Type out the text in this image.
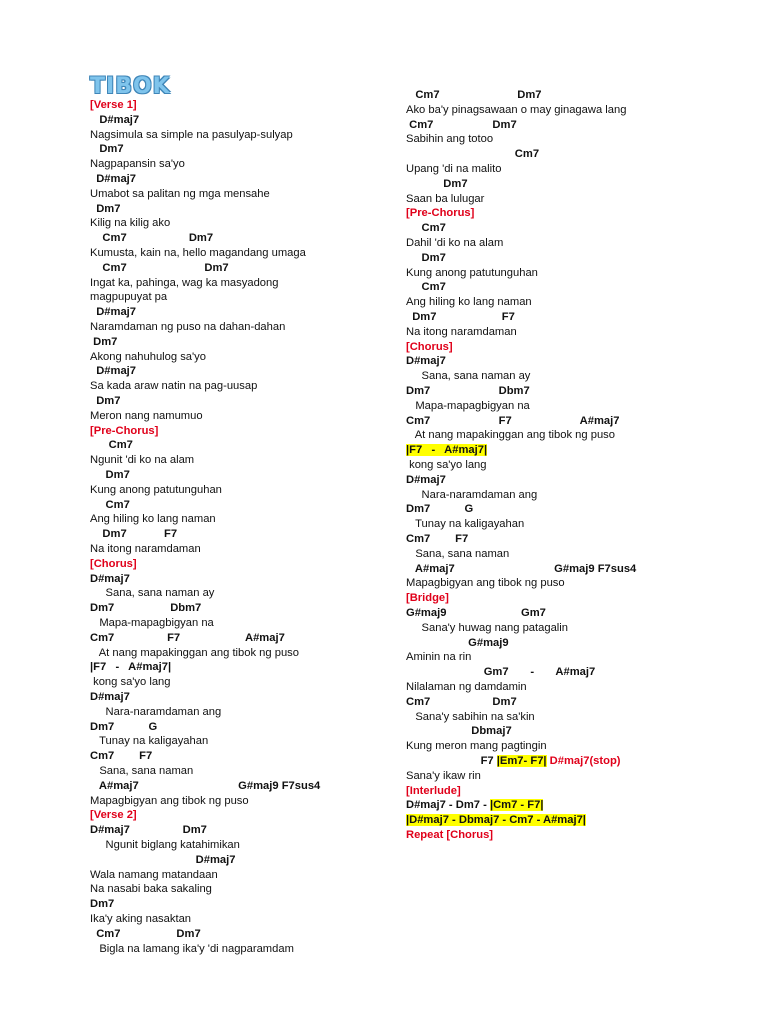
TIBOK
[Verse 1]
D#maj7
Nagsimula sa simple na pasulyap-sulyap
Dm7
Nagpapansin sa'yo
D#maj7
Umabot sa palitan ng mga mensahe
Dm7
Kilig na kilig ako
Cm7                    Dm7
Kumusta, kain na, hello magandang umaga
Cm7                         Dm7
Ingat ka, pahinga, wag ka masyadong
magpupuyat pa
D#maj7
Naramdaman ng puso na dahan-dahan
Dm7
Akong nahuhulog sa'yo
D#maj7
Sa kada araw natin na pag-uusap
Dm7
Meron nang namumuo
[Pre-Chorus]
Cm7
Ngunit 'di ko na alam
Dm7
Kung anong patutunguhan
Cm7
Ang hiling ko lang naman
Dm7            F7
Na itong naramdaman
[Chorus]
D#maj7
Sana, sana naman ay
Dm7                  Dbm7
Mapa-mapagbigyan na
Cm7                 F7                     A#maj7
At nang mapakinggan ang tibok ng puso
|F7   -   A#maj7|
kong sa'yo lang
D#maj7
Nara-naramdaman ang
Dm7           G
Tunay na kaligayahan
Cm7        F7
Sana, sana naman
A#maj7                                G#maj9 F7sus4
Mapagbigyan ang tibok ng puso
[Verse 2]
D#maj7                 Dm7
Ngunit biglang katahimikan
D#maj7
Wala namang matandaan
Na nasabi baka sakaling
Dm7
Ika'y aking nasaktan
Cm7                  Dm7
Bigla na lamang ika'y 'di nagparamdam
Cm7                         Dm7
Ako ba'y pinagsawaan o may ginagawa lang
Cm7                   Dm7
Sabihin ang totoo
Cm7
Upang 'di na malito
Dm7
Saan ba lulugar
[Pre-Chorus]
Cm7
Dahil 'di ko na alam
Dm7
Kung anong patutunguhan
Cm7
Ang hiling ko lang naman
Dm7                     F7
Na itong naramdaman
[Chorus]
D#maj7
Sana, sana naman ay
Dm7                      Dbm7
Mapa-mapagbigyan na
Cm7                      F7                      A#maj7
At nang mapakinggan ang tibok ng puso
|F7   -   A#maj7|
kong sa'yo lang
D#maj7
Nara-naramdaman ang
Dm7           G
Tunay na kaligayahan
Cm7        F7
Sana, sana naman
A#maj7                                G#maj9 F7sus4
Mapagbigyan ang tibok ng puso
[Bridge]
G#maj9                        Gm7
Sana'y huwag nang patagalin
G#maj9
Aminin na rin
Gm7       -       A#maj7
Nilalaman ng damdamin
Cm7                    Dm7
Sana'y sabihin na sa'kin
Dbmaj7
Kung meron mang pagtingin
F7 |Em7- F7| D#maj7(stop)
Sana'y ikaw rin
[Interlude]
D#maj7 - Dm7 - |Cm7 - F7|
|D#maj7 - Dbmaj7 - Cm7 - A#maj7|
Repeat [Chorus]
